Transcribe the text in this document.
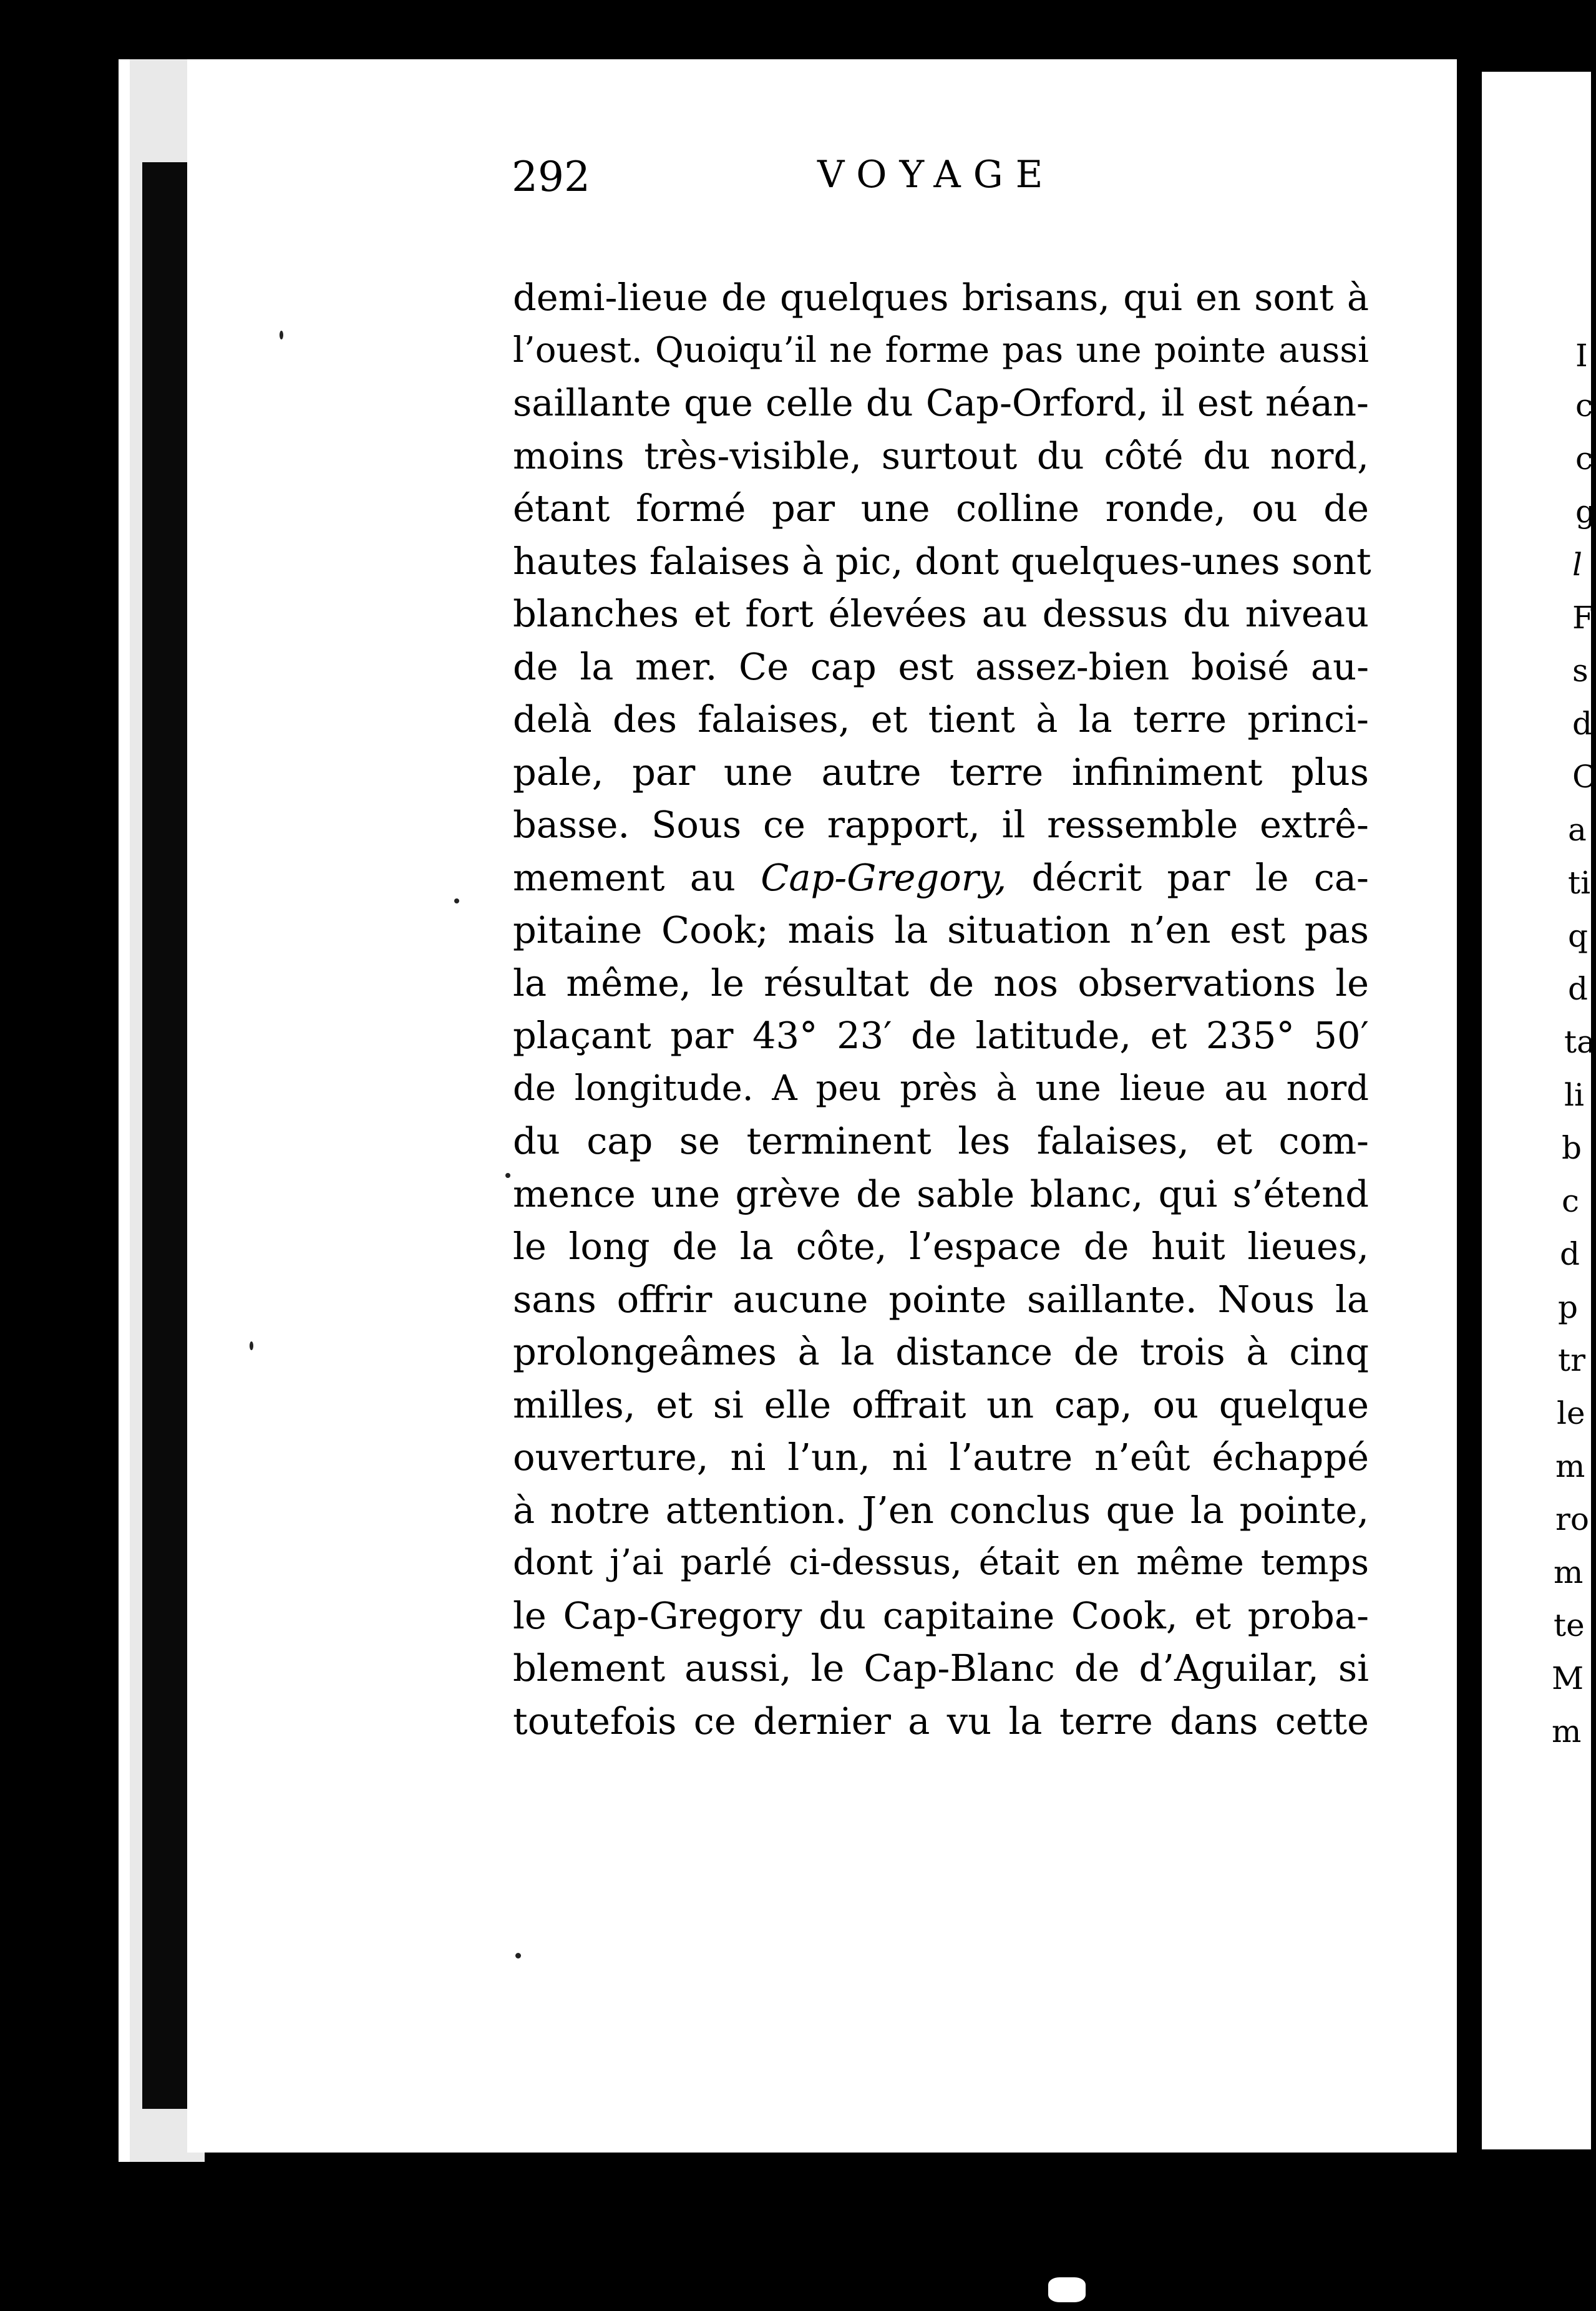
292	VOYAGE
demi-lieue de quelques brisans, qui en sont à
l’ouest. Quoiqu’il ne forme pas une pointe aussi
saillante que celle du Cap-Orford, il est néan-
moins très-visible, surtout du côté du nord,
étant formé par une colline ronde, ou de
hautes falaises à pic, dont quelques-unes sont
blanches et fort élevées au dessus du niveau
de la mer. Ce cap est assez-bien boisé au-
delà des falaises, et tient à la terre princi-
pale, par une autre terre infiniment plus
basse. Sous ce rapport, il ressemble extrê-
mement au Cap-Gregory, décrit par le ca-
pitaine Cook; mais la situation n’en est pas
la même, le résultat de nos observations le
plaçant par 43° 23′ de latitude, et 235° 50′
de longitude. A peu près à une lieue au nord
du cap se terminent les falaises, et com-
mence une grève de sable blanc, qui s’étend
le long de la côte, l’espace de huit lieues,
sans offrir aucune pointe saillante. Nous la
prolongeâmes à la distance de trois à cinq
milles, et si elle offrait un cap, ou quelque
ouverture, ni l’un, ni l’autre n’eût échappé
à notre attention. J’en conclus que la pointe,
dont j’ai parlé ci-dessus, était en même temps
le Cap-Gregory du capitaine Cook, et proba-
blement aussi, le Cap-Blanc de d’Aguilar, si
toutefois ce dernier a vu la terre dans cette
I
c
c
g
l
F
s
d
C
a
ti
q
d
ta
li
b
c
d
p
tr
le
m
ro
m
te
M
m
